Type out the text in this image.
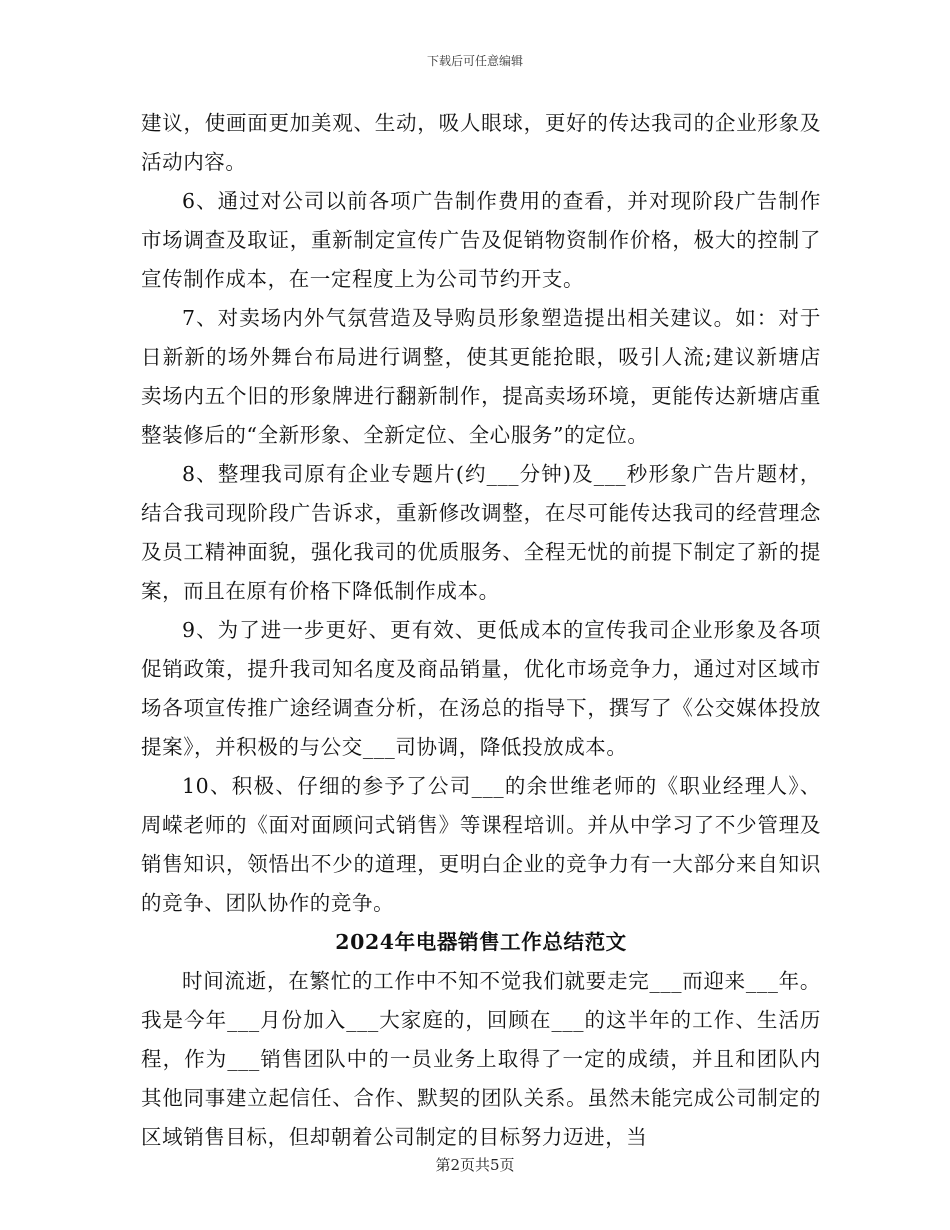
下载后可任意编辑

建议，使画面更加美观、生动，吸人眼球，更好的传达我司的企业形象及活动内容。

6、通过对公司以前各项广告制作费用的查看，并对现阶段广告制作市场调查及取证，重新制定宣传广告及促销物资制作价格，极大的控制了宣传制作成本，在一定程度上为公司节约开支。

7、对卖场内外气氛营造及导购员形象塑造提出相关建议。如：对于日新新的场外舞台布局进行调整，使其更能抢眼，吸引人流;建议新塘店卖场内五个旧的形象牌进行翻新制作，提高卖场环境，更能传达新塘店重整装修后的“全新形象、全新定位、全心服务”的定位。

8、整理我司原有企业专题片(约___分钟)及___秒形象广告片题材，结合我司现阶段广告诉求，重新修改调整，在尽可能传达我司的经营理念及员工精神面貌，强化我司的优质服务、全程无忧的前提下制定了新的提案，而且在原有价格下降低制作成本。

9、为了进一步更好、更有效、更低成本的宣传我司企业形象及各项促销政策，提升我司知名度及商品销量，优化市场竞争力，通过对区域市场各项宣传推广途经调查分析，在汤总的指导下，撰写了《公交媒体投放提案》，并积极的与公交___司协调，降低投放成本。

10、积极、仔细的参予了公司___的余世维老师的《职业经理人》、周嵘老师的《面对面顾问式销售》等课程培训。并从中学习了不少管理及销售知识，领悟出不少的道理，更明白企业的竞争力有一大部分来自知识的竞争、团队协作的竞争。

2024年电器销售工作总结范文

时间流逝，在繁忙的工作中不知不觉我们就要走完___而迎来___年。我是今年___月份加入___大家庭的，回顾在___的这半年的工作、生活历程，作为___销售团队中的一员业务上取得了一定的成绩，并且和团队内其他同事建立起信任、合作、默契的团队关系。虽然未能完成公司制定的区域销售目标，但却朝着公司制定的目标努力迈进，当

第2页共5页
